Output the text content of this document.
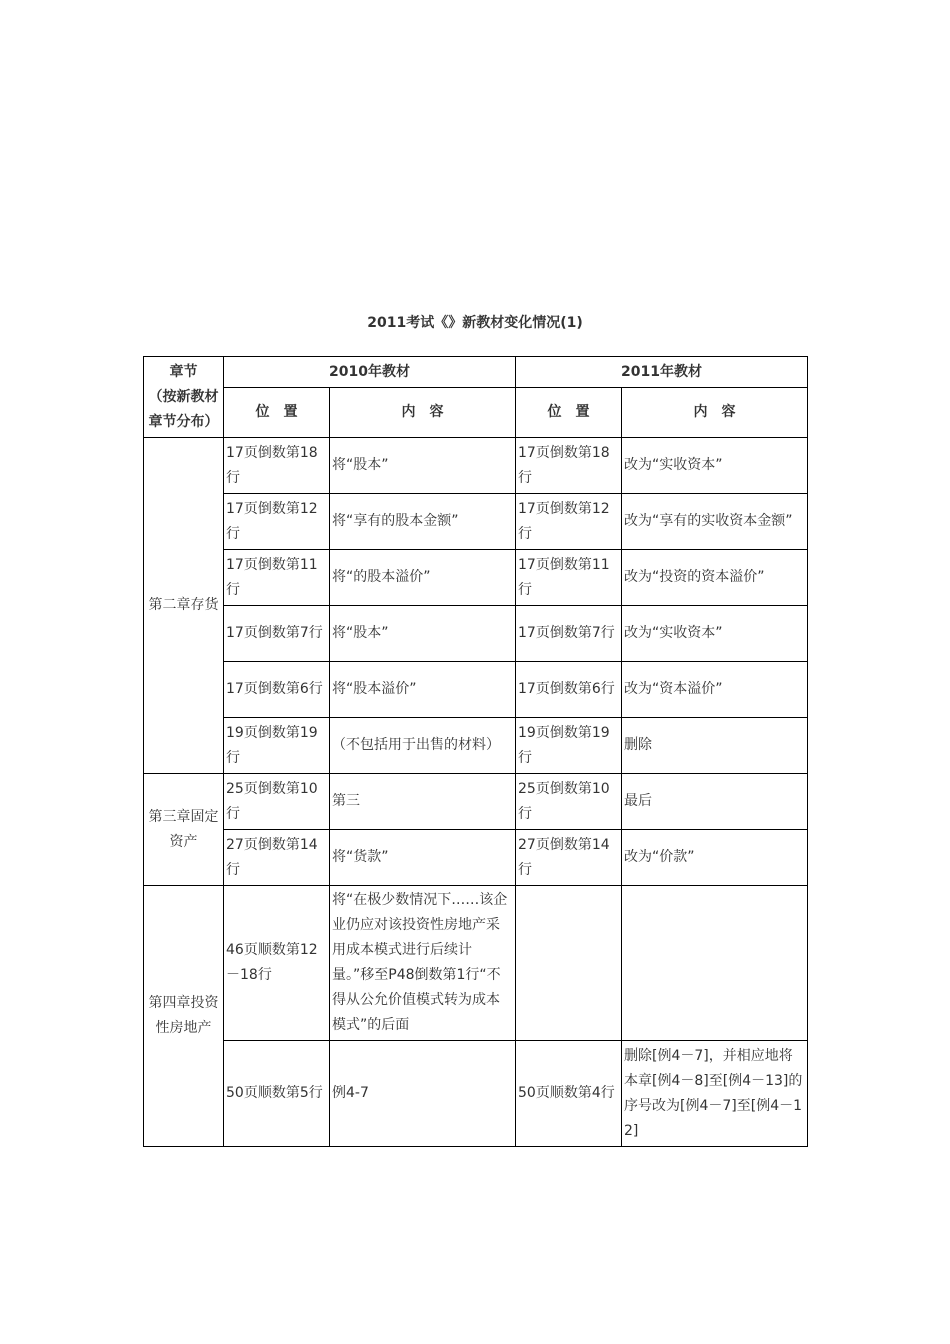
2011考试《》新教材变化情况(1)
章节
（按新教材章节分布）	2010年教材		2011年教材	
	位　置	内　容	位　置	内　容
第二章存货	17页倒数第18行	将“股本”	17页倒数第18行	改为“实收资本”
	17页倒数第12行	将“享有的股本金额”	17页倒数第12行	改为“享有的实收资本金额”
	17页倒数第11行	将“的股本溢价”	17页倒数第11行	改为“投资的资本溢价”
	17页倒数第7行	将“股本”	17页倒数第7行	改为“实收资本”
	17页倒数第6行	将“股本溢价”	17页倒数第6行	改为“资本溢价”
	19页倒数第19行	（不包括用于出售的材料）	19页倒数第19行	删除
第三章固定资产	25页倒数第10行	第三	25页倒数第10行	最后
	27页倒数第14行	将“货款”	27页倒数第14行	改为“价款”
第四章投资性房地产	46页顺数第12－18行	将“在极少数情况下……该企业仍应对该投资性房地产采用成本模式进行后续计量。”移至P48倒数第1行“不得从公允价值模式转为成本模式”的后面		
	50页顺数第5行	例4-7	50页顺数第4行	删除[例4－7]，并相应地将本章[例4－8]至[例4－13]的序号改为[例4－7]至[例4－12]
